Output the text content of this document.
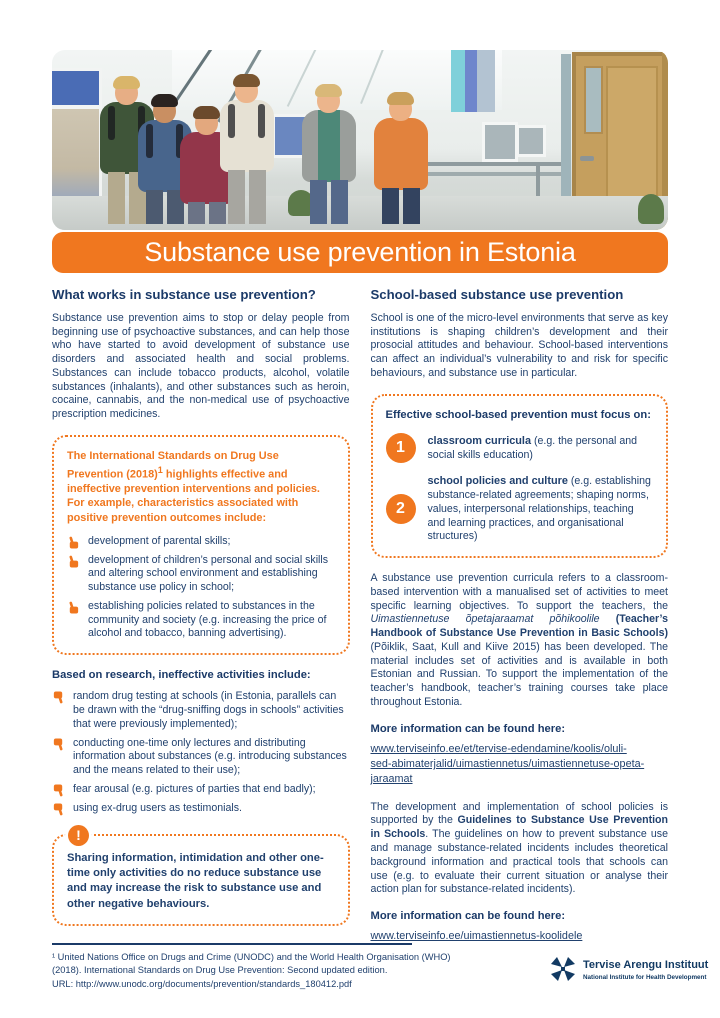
Substance use prevention in Estonia
What works in substance use prevention?

Substance use prevention aims to stop or delay people from beginning use of psychoactive substances, and can help those who have started to avoid development of substance use disorders and associated health and social problems. Substances can include tobacco products, alcohol, volatile substances (inhalants), and other substances such as heroin, cocaine, cannabis, and the non-medical use of psychoactive prescription medicines.

The International Standards on Drug Use Prevention $(2018)^1$ highlights effective and ineffective prevention interventions and policies. For example, characteristics associated with positive prevention outcomes include:
development of parental skills;
development of children’s personal and social skills and altering school environment and establishing substance use policy in school;
establishing policies related to substances in the community and society (e.g. increasing the price of alcohol and tobacco, banning advertising).
Based on research, ineffective activities include:
random drug testing at schools (in Estonia, parallels can be drawn with the “drug-sniffing dogs in schools” activities that were previously implemented);
conducting one-time only lectures and distributing information about substances (e.g. introducing substances and the means related to their use);
fear arousal (e.g. pictures of parties that end badly);
using ex-drug users as testimonials.
!
Sharing information, intimidation and other one-time only activities do no reduce substance use and may increase the risk to substance use and other negative behaviours.
School-based substance use prevention

School is one of the micro-level environments that serve as key institutions is shaping children’s development and their prosocial attitudes and behaviour. School-based interventions can affect an individual’s vulnerability to and risk for specific behaviours, and substance use in particular.

Effective school-based prevention must focus on:
1	classroom curricula (e.g. the personal and social skills education)
2
school policies and culture (e.g. establishing substance-related agreements; shaping norms, values, interpersonal relationships, teaching and learning practices, and organisational structures)

A substance use prevention curricula refers to a classroom-based intervention with a manualised set of activities to meet specific learning objectives. To support the teachers, the Uimastiennetuse õpetajaraamat põhikoolile (Teacher’s Handbook of Substance Use Prevention in Basic Schools) (Põiklik, Saat, Kull and Kiive 2015) has been developed. The material includes set of activities and is available in both Estonian and Russian. To support the implementation of the teacher’s handbook, teacher’s training courses take place throughout Estonia.

More information can be found here:
www.terviseinfo.ee/et/tervise-edendamine/koolis/oluli-
sed-abimaterjalid/uimastiennetus/uimastiennetuse-opeta-
jaraamat

The development and implementation of school policies is supported by the Guidelines to Substance Use Prevention in Schools. The guidelines on how to prevent substance use and manage substance-related incidents includes theoretical background information and practical tools that schools can use (e.g. to evaluate their current situation or analyse their action plan for substance-related incidents).

More information can be found here:
www.terviseinfo.ee/uimastiennetus-koolidele
¹ United Nations Office on Drugs and Crime (UNODC) and the World Health Organisation (WHO)
(2018). International Standards on Drug Use Prevention: Second updated edition.
URL: http://www.unodc.org/documents/prevention/standards_180412.pdf
Tervise Arengu Instituut
National Institute for Health Development
